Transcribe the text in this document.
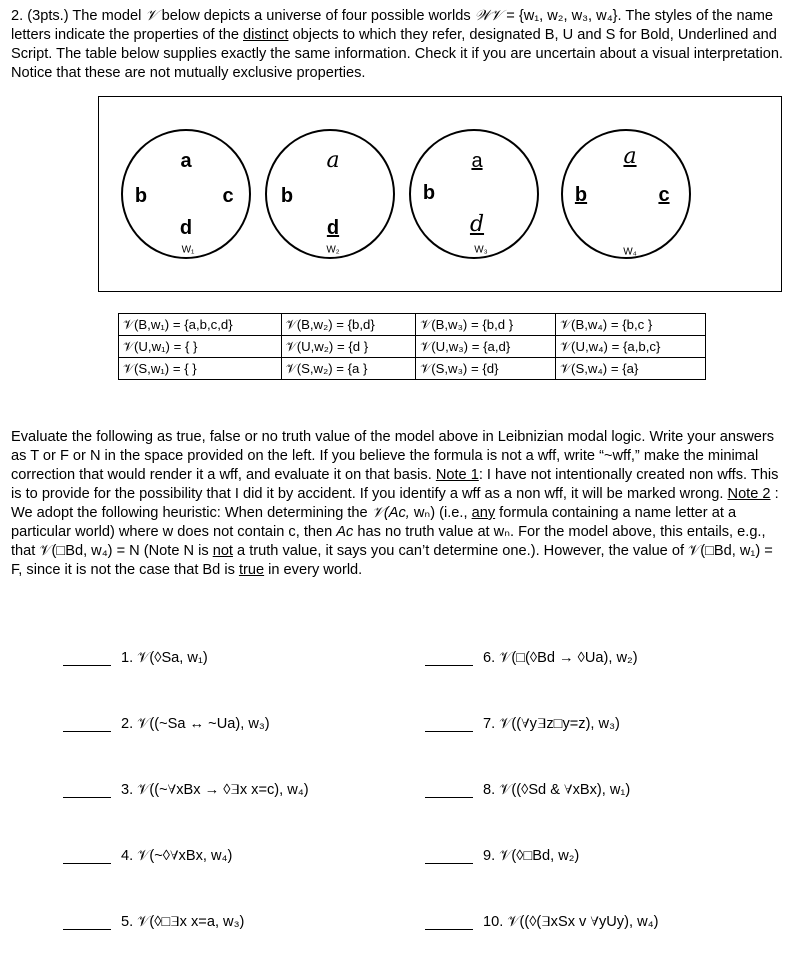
2. (3pts.) The model 𝒱 below depicts a universe of four possible worlds 𝒲𝒱 = {w₁, w₂, w₃, w₄}. The styles of the name letters indicate the properties of the distinct objects to which they refer, designated B, U and S for Bold, Underlined and Script. The table below supplies exactly the same information. Check it if you are uncertain about a visual interpretation. Notice that these are not mutually exclusive properties.

a
b	c
d
W₁
a
b
d
W₂
a
b
d
W₃
a
b	c
W₄
𝒱(B,w₁) = {a,b,c,d}	𝒱(B,w₂) = {b,d}	𝒱(B,w₃) = {b,d }	𝒱(B,w₄) = {b,c }
𝒱(U,w₁) = { }	𝒱(U,w₂) = {d }	𝒱(U,w₃) = {a,d}	𝒱(U,w₄) = {a,b,c}
𝒱(S,w₁) = { }	𝒱(S,w₂) = {a }	𝒱(S,w₃) = {d}	𝒱(S,w₄) = {a}

Evaluate the following as true, false or no truth value of the model above in Leibnizian modal logic. Write your answers as T or F or N in the space provided on the left. If you believe the formula is not a wff, write “~wff,” make the minimal correction that would render it a wff, and evaluate it on that basis. Note 1: I have not intentionally created non wffs. This is to provide for the possibility that I did it by accident. If you identify a wff as a non wff, it will be marked wrong. Note 2 : We adopt the following heuristic: When determining the 𝒱(Ac, wₙ) (i.e., any formula containing a name letter at a particular world) where w does not contain c, then Ac has no truth value at wₙ. For the model above, this entails, e.g., that 𝒱(□Bd, w₄) = N (Note N is not a truth value, it says you can’t determine one.). However, the value of 𝒱(□Bd, w₁) = F, since it is not the case that Bd is true in every world.

1. 𝒱(◊Sa, w₁)
2. 𝒱((~Sa ↔ ~Ua), w₃)
3. 𝒱((~∀xBx → ◊∃x x=c), w₄)
4. 𝒱(~◊∀xBx, w₄)
5. 𝒱(◊□∃x x=a, w₃)
6. 𝒱(□(◊Bd → ◊Ua), w₂)
7. 𝒱((∀y∃z□y=z), w₃)
8. 𝒱((◊Sd & ∀xBx), w₁)
9. 𝒱(◊□Bd, w₂)
10. 𝒱((◊(∃xSx v ∀yUy), w₄)
